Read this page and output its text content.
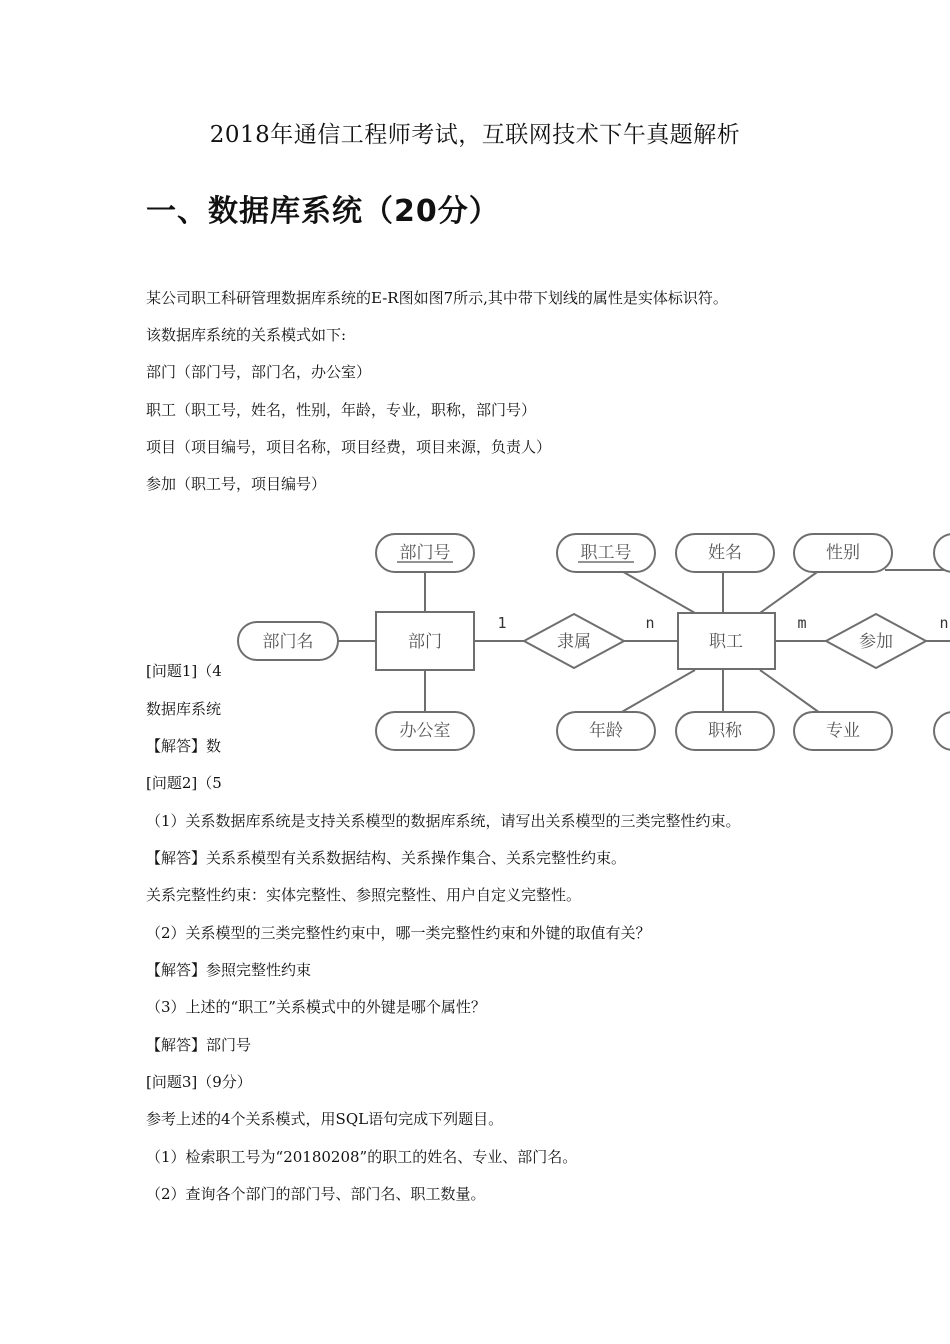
2018年通信工程师考试，互联网技术下午真题解析
一、数据库系统（20分）
某公司职工科研管理数据库系统的E-R图如图7所示,其中带下划线的属性是实体标识符。
该数据库系统的关系模式如下:
部门（部门号，部门名，办公室）
职工（职工号，姓名，性别，年龄，专业，职称，部门号）
项目（项目编号，项目名称，项目经费，项目来源，负责人）
参加（职工号，项目编号）
[问题1]（4
数据库系统
【解答】数
[问题2]（5
（1）关系数据库系统是支持关系模型的数据库系统，请写出关系模型的三类完整性约束。
【解答】关系系模型有关系数据结构、关系操作集合、关系完整性约束。
关系完整性约束：实体完整性、参照完整性、用户自定义完整性。
（2）关系模型的三类完整性约束中，哪一类完整性约束和外键的取值有关？
【解答】参照完整性约束
（3）上述的“职工”关系模式中的外键是哪个属性？
【解答】部门号
[问题3]（9分）
参考上述的4个关系模式，用SQL语句完成下列题目。
（1）检索职工号为“20180208”的职工的姓名、专业、部门名。
（2）查询各个部门的部门号、部门名、职工数量。
部门号
部门名
办公室
部门	隶属	职工	参加
职工号	姓名	性别
年龄	职称	专业
1	n	m	n
